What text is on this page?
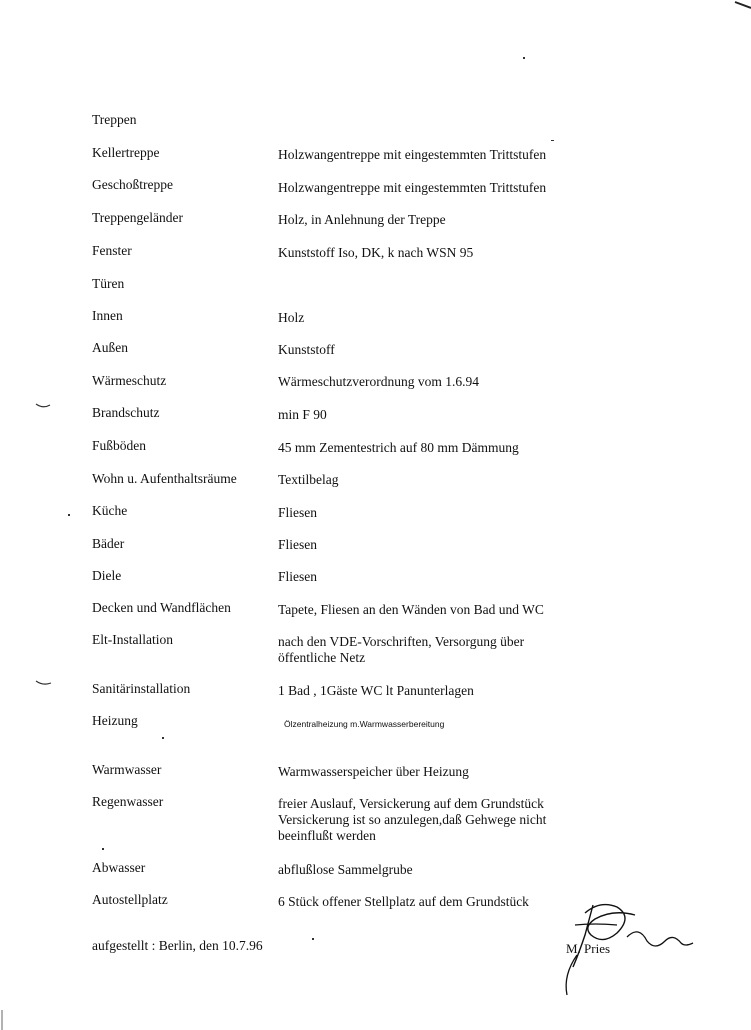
Treppen
Kellertreppe	Holzwangentreppe mit eingestemmten Trittstufen
Geschoßtreppe	Holzwangentreppe mit eingestemmten Trittstufen
Treppengeländer	Holz, in Anlehnung der Treppe
Fenster	Kunststoff Iso, DK, k nach WSN 95
Türen
Innen	Holz
Außen	Kunststoff
Wärmeschutz	Wärmeschutzverordnung vom 1.6.94
Brandschutz	min F 90
Fußböden	45 mm Zementestrich auf 80 mm Dämmung
Wohn u. Aufenthaltsräume	Textilbelag
Küche	Fliesen
Bäder	Fliesen
Diele	Fliesen
Decken und Wandflächen	Tapete, Fliesen an den Wänden von Bad und WC
Elt-Installation	nach den VDE-Vorschriften, Versorgung über öffentliche Netz
Sanitärinstallation	1 Bad , 1Gäste WC lt Panunterlagen
Heizung	Ölzentralheizung m.Warmwasserbereitung
Warmwasser	Warmwasserspeicher über Heizung
Regenwasser	freier Auslauf, Versickerung auf dem Grundstück Versickerung ist so anzulegen,daß Gehwege nicht beeinflußt werden
Abwasser	abflußlose Sammelgrube
Autostellplatz	6 Stück offener Stellplatz auf dem Grundstück
aufgestellt : Berlin, den 10.7.96	M. Pries
